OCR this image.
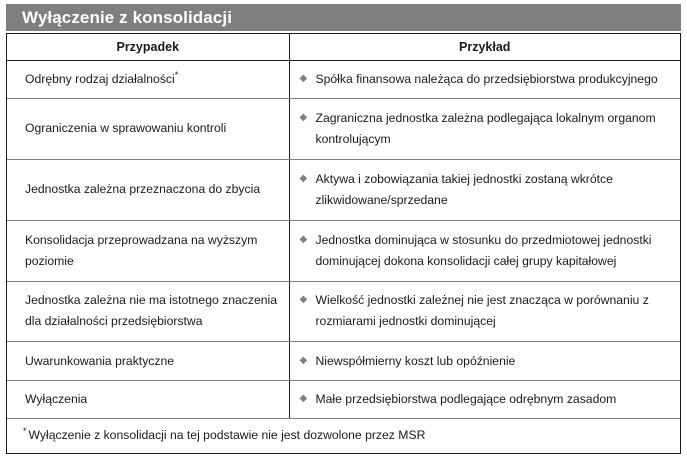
Wyłączenie z konsolidacji
Przypadek	Przykład

Odrębny rodzaj działalności*	◆ Spółka finansowa należąca do przedsiębiorstwa produkcyjnego

Ograniczenia w sprawowaniu kontroli	◆ Zagraniczna jednostka zależna podlegająca lokalnym organom kontrolującym

Jednostka zależna przeznaczona do zbycia	◆ Aktywa i zobowiązania takiej jednostki zostaną wkrótce zlikwidowane/sprzedane

Konsolidacja przeprowadzana na wyższym poziomie	◆ Jednostka dominująca w stosunku do przedmiotowej jednostki dominującej dokona konsolidacji całej grupy kapitałowej

Jednostka zależna nie ma istotnego znaczenia dla działalności przedsiębiorstwa	◆ Wielkość jednostki zależnej nie jest znacząca w porównaniu z rozmiarami jednostki dominującej

Uwarunkowania praktyczne	◆ Niewspółmierny koszt lub opóźnienie

Wyłączenia	◆ Małe przedsiębiorstwa podlegające odrębnym zasadom

* Wyłączenie z konsolidacji na tej podstawie nie jest dozwolone przez MSR	
